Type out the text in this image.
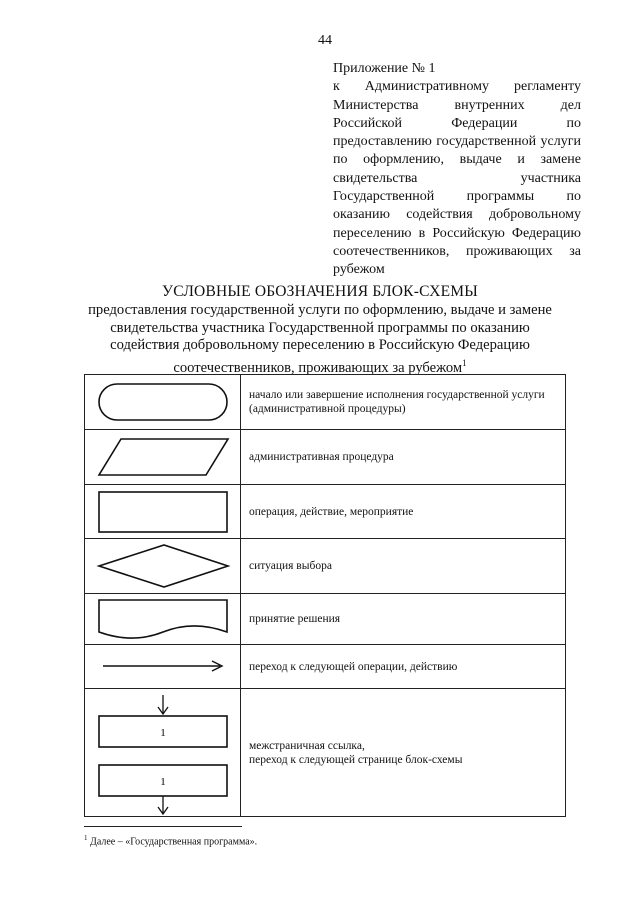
44
Приложение № 1
к Административному регламенту Министерства внутренних дел Российской Федерации по предоставлению государственной услуги по оформлению, выдаче и замене свидетельства участника Государственной программы по оказанию содействия добровольному переселению в Российскую Федерацию соотечественников, проживающих за рубежом
УСЛОВНЫЕ ОБОЗНАЧЕНИЯ БЛОК-СХЕМЫ
предоставления государственной услуги по оформлению, выдаче и замене свидетельства участника Государственной программы по оказанию содействия добровольному переселению в Российскую Федерацию соотечественников, проживающих за рубежом$^1$
	начало или завершение исполнения государственной услуги (административной процедуры)

	административная процедура

	операция, действие, мероприятие

	ситуация выбора

	принятие решения

	переход к следующей операции, действию

1
1	межстраничная ссылка,
переход к следующей странице блок-схемы
$^1$ Далее – «Государственная программа».
